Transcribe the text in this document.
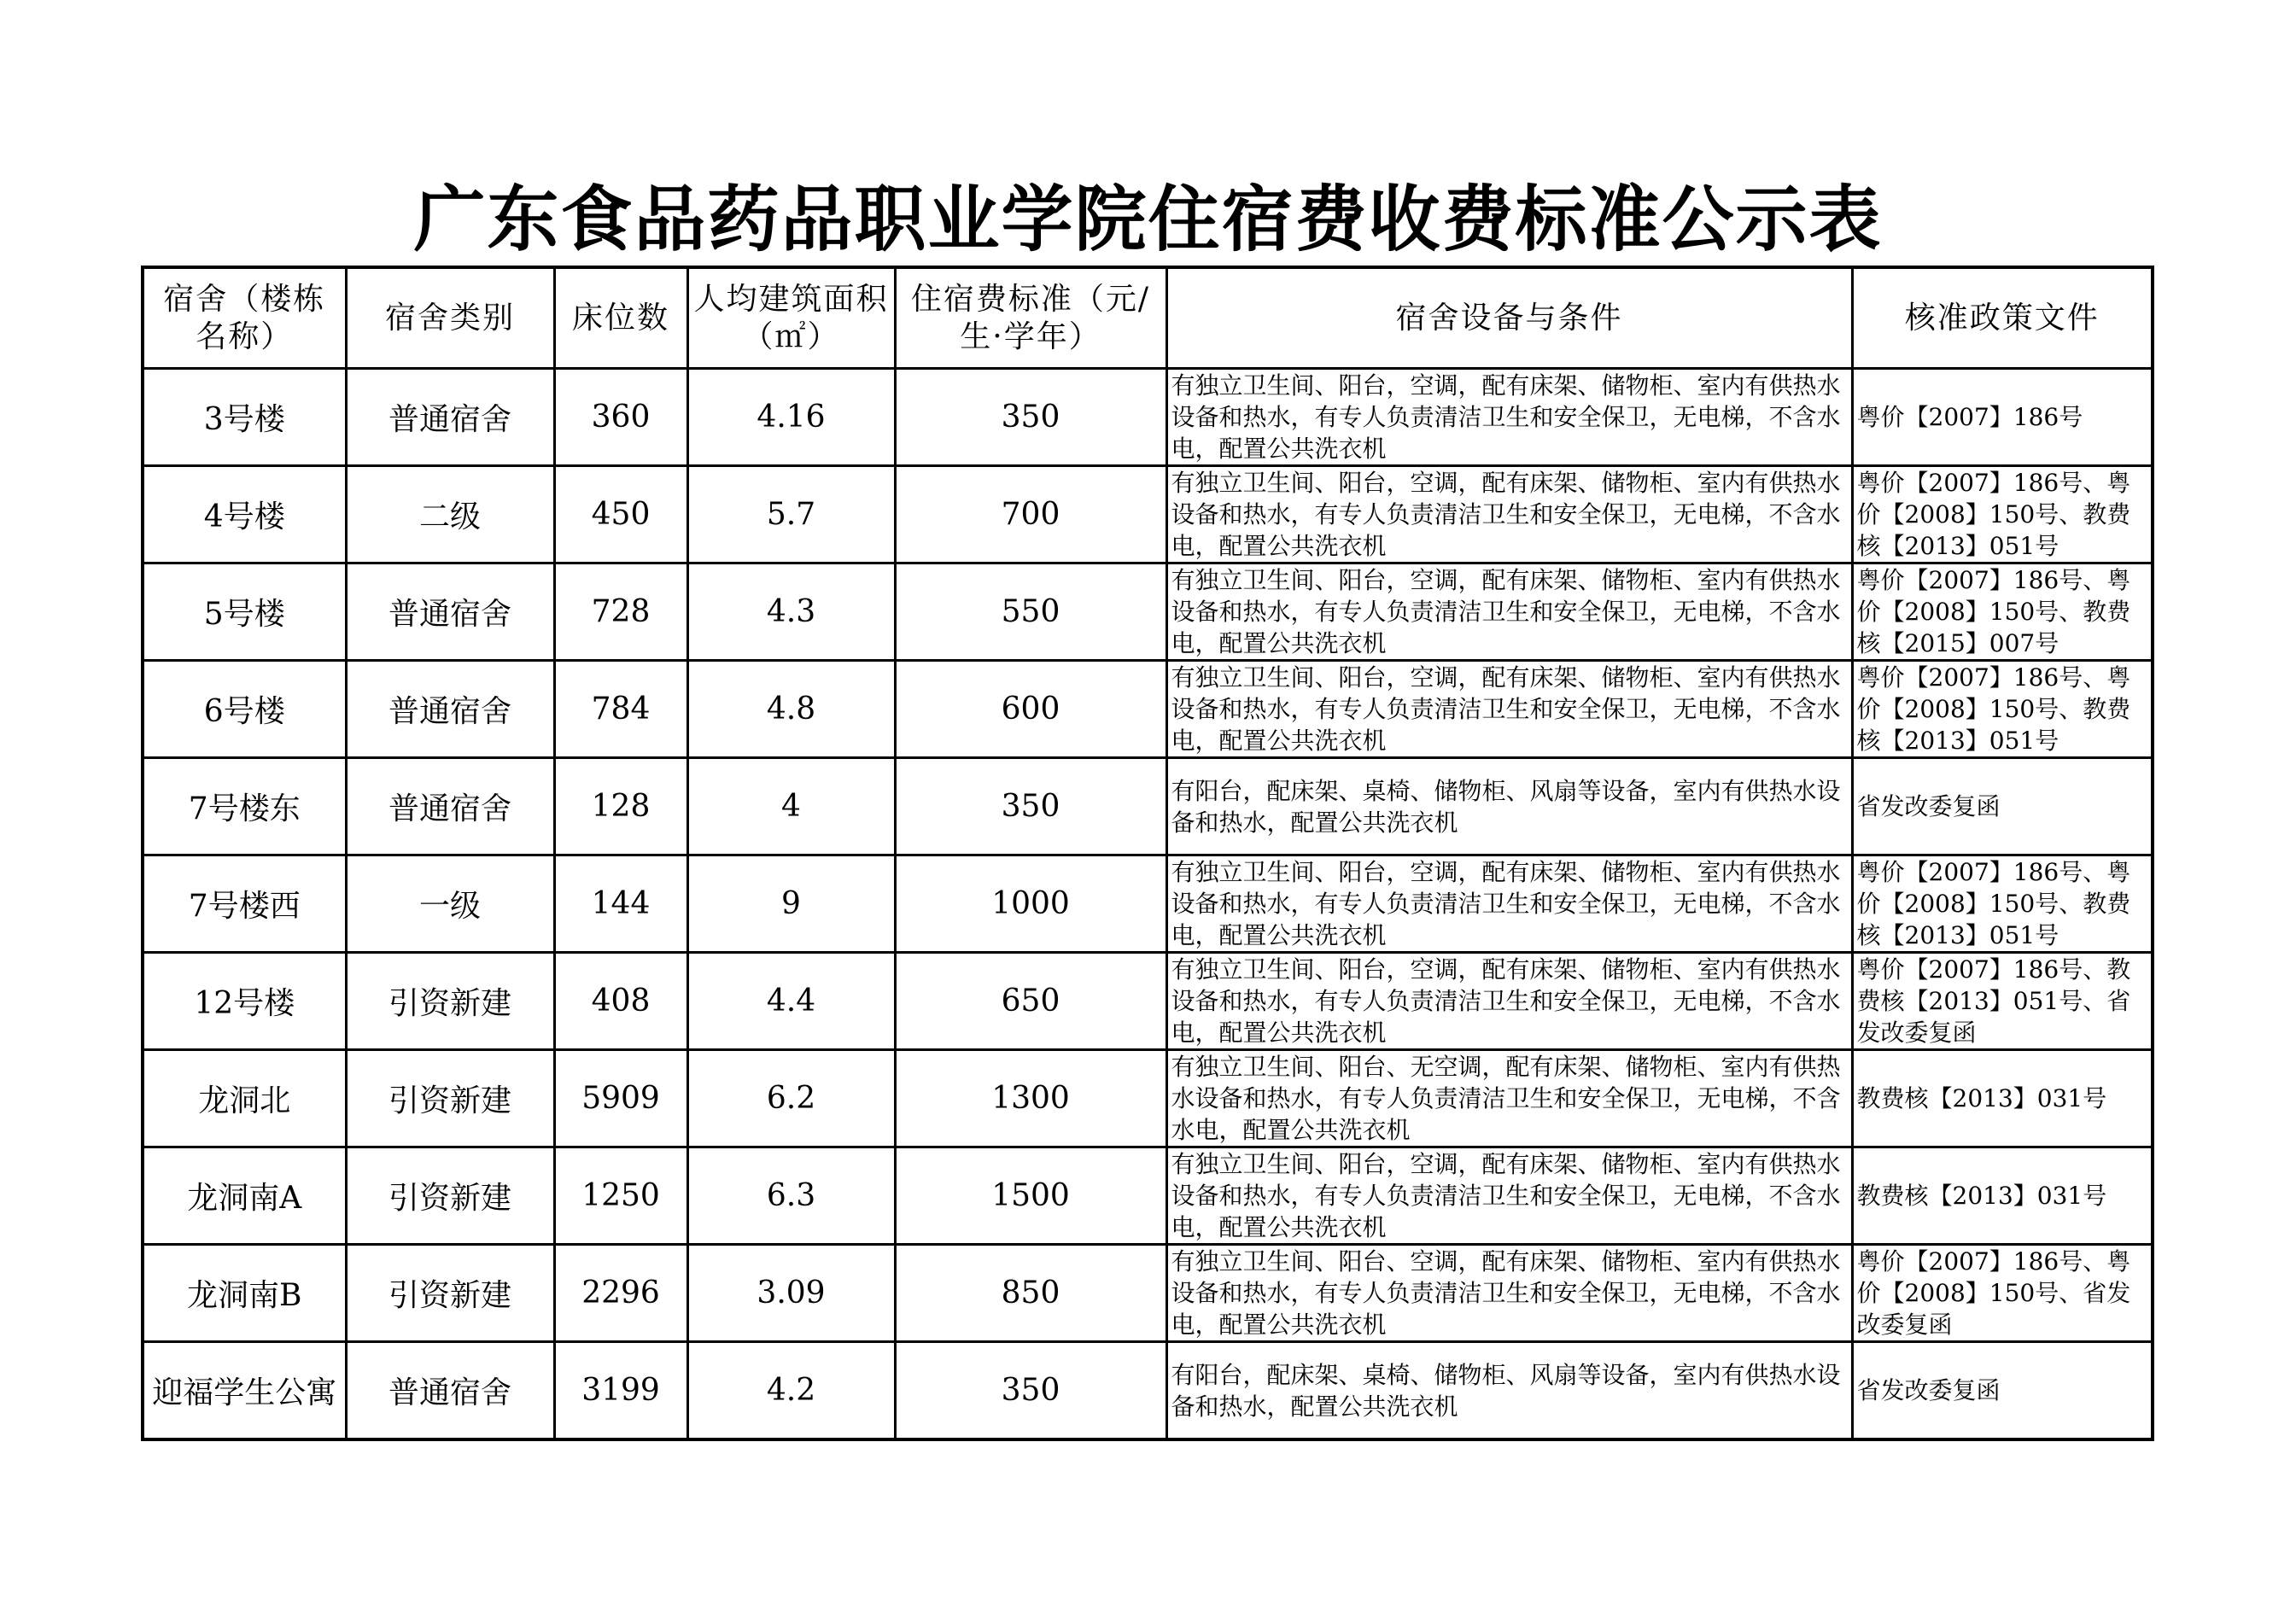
广东食品药品职业学院住宿费收费标准公示表
宿舍（楼栋名称）	宿舍类别	床位数	人均建筑面积（㎡）	住宿费标准（元/生·学年）	宿舍设备与条件	核准政策文件
3号楼	普通宿舍	360	4.16	350	有独立卫生间、阳台，空调，配有床架、储物柜、室内有供热水设备和热水，有专人负责清洁卫生和安全保卫，无电梯，不含水电，配置公共洗衣机	粤价【2007】186号
4号楼	二级	450	5.7	700	有独立卫生间、阳台，空调，配有床架、储物柜、室内有供热水设备和热水，有专人负责清洁卫生和安全保卫，无电梯，不含水电，配置公共洗衣机	粤价【2007】186号、粤价【2008】150号、教费核【2013】051号
5号楼	普通宿舍	728	4.3	550	有独立卫生间、阳台，空调，配有床架、储物柜、室内有供热水设备和热水，有专人负责清洁卫生和安全保卫，无电梯，不含水电，配置公共洗衣机	粤价【2007】186号、粤价【2008】150号、教费核【2015】007号
6号楼	普通宿舍	784	4.8	600	有独立卫生间、阳台，空调，配有床架、储物柜、室内有供热水设备和热水，有专人负责清洁卫生和安全保卫，无电梯，不含水电，配置公共洗衣机	粤价【2007】186号、粤价【2008】150号、教费核【2013】051号
7号楼东	普通宿舍	128	4	350	有阳台，配床架、桌椅、储物柜、风扇等设备，室内有供热水设备和热水，配置公共洗衣机	省发改委复函
7号楼西	一级	144	9	1000	有独立卫生间、阳台，空调，配有床架、储物柜、室内有供热水设备和热水，有专人负责清洁卫生和安全保卫，无电梯，不含水电，配置公共洗衣机	粤价【2007】186号、粤价【2008】150号、教费核【2013】051号
12号楼	引资新建	408	4.4	650	有独立卫生间、阳台，空调，配有床架、储物柜、室内有供热水设备和热水，有专人负责清洁卫生和安全保卫，无电梯，不含水电，配置公共洗衣机	粤价【2007】186号、教费核【2013】051号、省发改委复函
龙洞北	引资新建	5909	6.2	1300	有独立卫生间、阳台、无空调，配有床架、储物柜、室内有供热水设备和热水，有专人负责清洁卫生和安全保卫，无电梯，不含水电，配置公共洗衣机	教费核【2013】031号
龙洞南A	引资新建	1250	6.3	1500	有独立卫生间、阳台，空调，配有床架、储物柜、室内有供热水设备和热水，有专人负责清洁卫生和安全保卫，无电梯，不含水电，配置公共洗衣机	教费核【2013】031号
龙洞南B	引资新建	2296	3.09	850	有独立卫生间、阳台、空调，配有床架、储物柜、室内有供热水设备和热水，有专人负责清洁卫生和安全保卫，无电梯，不含水电，配置公共洗衣机	粤价【2007】186号、粤价【2008】150号、省发改委复函
迎福学生公寓	普通宿舍	3199	4.2	350	有阳台，配床架、桌椅、储物柜、风扇等设备，室内有供热水设备和热水，配置公共洗衣机	省发改委复函
